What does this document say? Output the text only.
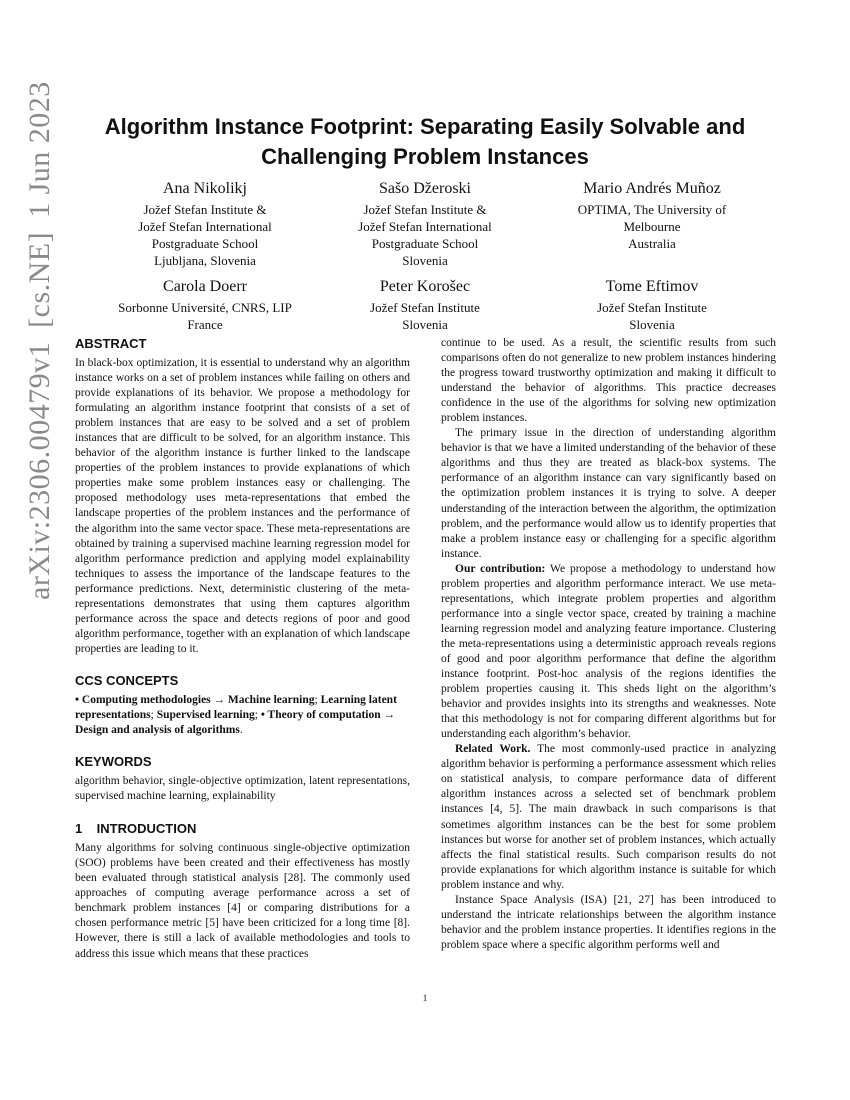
arXiv:2306.00479v1[cs.NE]1 Jun 2023	Algorithm Instance Footprint: Separating Easily Solvable and
Challenging Problem Instances
Ana Nikolikj
Jožef Stefan Institute &
Jožef Stefan International
Postgraduate School
Ljubljana, Slovenia
Sašo Džeroski
Jožef Stefan Institute &
Jožef Stefan International
Postgraduate School
Slovenia
Mario Andrés Muñoz
OPTIMA, The University of
Melbourne
Australia
Carola Doerr
Sorbonne Université, CNRS, LIP
France
Peter Korošec
Jožef Stefan Institute
Slovenia
Tome Eftimov
Jožef Stefan Institute
Slovenia
ABSTRACT

In black-box optimization, it is essential to understand why an algorithm instance works on a set of problem instances while failing on others and provide explanations of its behavior. We propose a methodology for formulating an algorithm instance footprint that consists of a set of problem instances that are easy to be solved and a set of problem instances that are difficult to be solved, for an algorithm instance. This behavior of the algorithm instance is further linked to the landscape properties of the problem instances to provide explanations of which properties make some problem instances easy or challenging. The proposed methodology uses meta-representations that embed the landscape properties of the problem instances and the performance of the algorithm into the same vector space. These meta-representations are obtained by training a supervised machine learning regression model for algorithm performance prediction and applying model explainability techniques to assess the importance of the landscape features to the performance predictions. Next, deterministic clustering of the meta-representations demonstrates that using them captures algorithm performance across the space and detects regions of poor and good algorithm performance, together with an explanation of which landscape properties are leading to it.

CCS CONCEPTS

• Computing methodologies → Machine learning; Learning latent representations; Supervised learning; • Theory of computation → Design and analysis of algorithms.

KEYWORDS

algorithm behavior, single-objective optimization, latent representations, supervised machine learning, explainability

1    INTRODUCTION

Many algorithms for solving continuous single-objective optimization (SOO) problems have been created and their effectiveness has mostly been evaluated through statistical analysis [28]. The commonly used approaches of computing average performance across a set of benchmark problem instances [4] or comparing distributions for a chosen performance metric [5] have been criticized for a long time [8]. However, there is still a lack of available methodologies and tools to address this issue which means that these practices

continue to be used. As a result, the scientific results from such comparisons often do not generalize to new problem instances hindering the progress toward trustworthy optimization and making it difficult to understand the behavior of algorithms. This practice decreases confidence in the use of the algorithms for solving new optimization problem instances.

The primary issue in the direction of understanding algorithm behavior is that we have a limited understanding of the behavior of these algorithms and thus they are treated as black-box systems. The performance of an algorithm instance can vary significantly based on the optimization problem instances it is trying to solve. A deeper understanding of the interaction between the algorithm, the optimization problem, and the performance would allow us to identify properties that make a problem instance easy or challenging for a specific algorithm instance.

Our contribution: We propose a methodology to understand how problem properties and algorithm performance interact. We use meta-representations, which integrate problem properties and algorithm performance into a single vector space, created by training a machine learning regression model and analyzing feature importance. Clustering the meta-representations using a deterministic approach reveals regions of good and poor algorithm performance that define the algorithm instance footprint. Post-hoc analysis of the regions identifies the problem properties causing it. This sheds light on the algorithm’s behavior and provides insights into its strengths and weaknesses. Note that this methodology is not for comparing different algorithms but for understanding each algorithm’s behavior.

Related Work. The most commonly-used practice in analyzing algorithm behavior is performing a performance assessment which relies on statistical analysis, to compare performance data of different algorithm instances across a selected set of benchmark problem instances [4, 5]. The main drawback in such comparisons is that sometimes algorithm instances can be the best for some problem instances but worse for another set of problem instances, which actually affects the final statistical results. Such comparison results do not provide explanations for which algorithm instance is suitable for which problem instance and why.

Instance Space Analysis (ISA) [21, 27] has been introduced to understand the intricate relationships between the algorithm instance behavior and the problem instance properties. It identifies regions in the problem space where a specific algorithm performs well and

1
